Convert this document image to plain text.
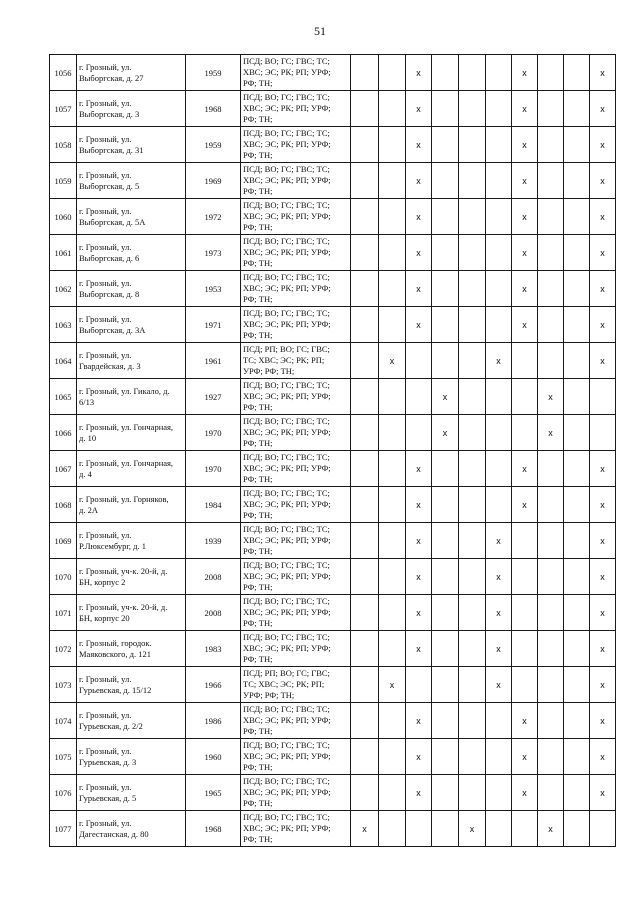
51
1056	г. Грозный, ул.
Выборгская, д. 27	1959	ПСД; ВО; ГС; ГВС; ТС;
ХВС; ЭС; РК; РП; УРФ;
РФ; ТН;			x				x			x
1057	г. Грозный, ул.
Выборгская, д. 3	1968	ПСД; ВО; ГС; ГВС; ТС;
ХВС; ЭС; РК; РП; УРФ;
РФ; ТН;			x				x			x
1058	г. Грозный, ул.
Выборгская, д. 31	1959	ПСД; ВО; ГС; ГВС; ТС;
ХВС; ЭС; РК; РП; УРФ;
РФ; ТН;			x				x			x
1059	г. Грозный, ул.
Выборгская, д. 5	1969	ПСД; ВО; ГС; ГВС; ТС;
ХВС; ЭС; РК; РП; УРФ;
РФ; ТН;			x				x			x
1060	г. Грозный, ул.
Выборгская, д. 5А	1972	ПСД; ВО; ГС; ГВС; ТС;
ХВС; ЭС; РК; РП; УРФ;
РФ; ТН;			x				x			x
1061	г. Грозный, ул.
Выборгская, д. 6	1973	ПСД; ВО; ГС; ГВС; ТС;
ХВС; ЭС; РК; РП; УРФ;
РФ; ТН;			x				x			x
1062	г. Грозный, ул.
Выборгская, д. 8	1953	ПСД; ВО; ГС; ГВС; ТС;
ХВС; ЭС; РК; РП; УРФ;
РФ; ТН;			x				x			x
1063	г. Грозный, ул.
Выборгская, д. 3А	1971	ПСД; ВО; ГС; ГВС; ТС;
ХВС; ЭС; РК; РП; УРФ;
РФ; ТН;			x				x			x
1064	г. Грозный, ул.
Гвардейская, д. 3	1961	ПСД; РП; ВО; ГС; ГВС;
ТС; ХВС; ЭС; РК; РП;
УРФ; РФ; ТН;		x				x				x
1065	г. Грозный, ул. Гикало, д.
6/13	1927	ПСД; ВО; ГС; ГВС; ТС;
ХВС; ЭС; РК; РП; УРФ;
РФ; ТН;				x				x		
1066	г. Грозный, ул. Гончарная,
д. 10	1970	ПСД; ВО; ГС; ГВС; ТС;
ХВС; ЭС; РК; РП; УРФ;
РФ; ТН;				x				x		
1067	г. Грозный, ул. Гончарная,
д. 4	1970	ПСД; ВО; ГС; ГВС; ТС;
ХВС; ЭС; РК; РП; УРФ;
РФ; ТН;			x				x			x
1068	г. Грозный, ул. Горняков,
д. 2А	1984	ПСД; ВО; ГС; ГВС; ТС;
ХВС; ЭС; РК; РП; УРФ;
РФ; ТН;			x				x			x
1069	г. Грозный, ул.
Р.Люксембург, д. 1	1939	ПСД; ВО; ГС; ГВС; ТС;
ХВС; ЭС; РК; РП; УРФ;
РФ; ТН;			x			x				x
1070	г. Грозный, уч-к. 20-й, д.
БН, корпус 2	2008	ПСД; ВО; ГС; ГВС; ТС;
ХВС; ЭС; РК; РП; УРФ;
РФ; ТН;			x			x				x
1071	г. Грозный, уч-к. 20-й, д.
БН, корпус 20	2008	ПСД; ВО; ГС; ГВС; ТС;
ХВС; ЭС; РК; РП; УРФ;
РФ; ТН;			x			x				x
1072	г. Грозный, городок.
Маяковского, д. 121	1983	ПСД; ВО; ГС; ГВС; ТС;
ХВС; ЭС; РК; РП; УРФ;
РФ; ТН;			x			x				x
1073	г. Грозный, ул.
Гурьевская, д. 15/12	1966	ПСД; РП; ВО; ГС; ГВС;
ТС; ХВС; ЭС; РК; РП;
УРФ; РФ; ТН;		x				x				x
1074	г. Грозный, ул.
Гурьевская, д. 2/2	1986	ПСД; ВО; ГС; ГВС; ТС;
ХВС; ЭС; РК; РП; УРФ;
РФ; ТН;			x				x			x
1075	г. Грозный, ул.
Гурьевская, д. 3	1960	ПСД; ВО; ГС; ГВС; ТС;
ХВС; ЭС; РК; РП; УРФ;
РФ; ТН;			x				x			x
1076	г. Грозный, ул.
Гурьевская, д. 5	1965	ПСД; ВО; ГС; ГВС; ТС;
ХВС; ЭС; РК; РП; УРФ;
РФ; ТН;			x				x			x
1077	г. Грозный, ул.
Дагестанская, д. 80	1968	ПСД; ВО; ГС; ГВС; ТС;
ХВС; ЭС; РК; РП; УРФ;
РФ; ТН;	x				x			x		
